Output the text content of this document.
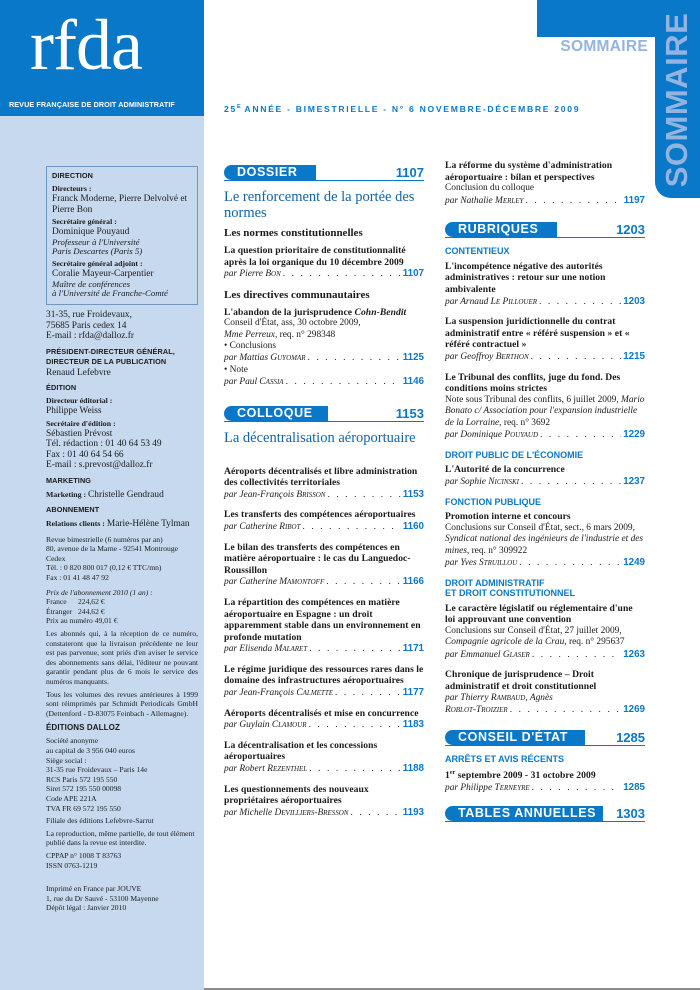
rfda
REVUE FRANÇAISE DE DROIT ADMINISTRATIF
DIRECTION
Directeurs :
Franck Moderne, Pierre Delvolvé et Pierre Bon
Secrétaire général :
Dominique Pouyaud
Professeur à l'Université
Paris Descartes (Paris 5)
Secrétaire général adjoint :
Coralie Mayeur-Carpentier
Maître de conférences
à l'Université de Franche-Comté
31-35, rue Froidevaux,
75685 Paris cedex 14
E-mail : rfda@dalloz.fr
PRÉSIDENT-DIRECTEUR GÉNÉRAL,
DIRECTEUR DE LA PUBLICATION
Renaud Lefebvre
ÉDITION
Directeur éditorial :
Philippe Weiss
Secrétaire d'édition :
Sébastien Prévost
Tél. rédaction : 01 40 64 53 49
Fax : 01 40 64 54 66
E-mail : s.prevost@dalloz.fr
MARKETING
Marketing : Christelle Gendraud
ABONNEMENT
Relations clients : Marie-Hélène Tylman
Revue bimestrielle (6 numéros par an)
80, avenue de la Marne - 92541 Montrouge Cedex
Tél. : 0 820 800 017 (0,12 € TTC/mn)
Fax : 01 41 48 47 92
Prix de l'abonnement 2010 (1 an) :
France	224,62 €
Étranger 244,62 €
Prix au numéro 49,01 €
Les abonnés qui, à la réception de ce numéro, constateront que la livraison précédente ne leur est pas parvenue, sont priés d'en aviser le service des abonnements sans délai, l'éditeur ne pouvant garantir pendant plus de 6 mois le service des numéros manquants.
Tous les volumes des revues antérieures à 1999 sont réimprimés par Schmidt Periodicals GmbH (Dettenford - D-83075 Feinbach - Allemagne).
ÉDITIONS DALLOZ
Société anonyme
au capital de 3 956 040 euros
Siège social :
31-35 rue Froidevaux – Paris 14e
RCS Paris 572 195 550
Siret 572 195 550 00098
Code APE 221A
TVA FR 69 572 195 550
Filiale des éditions Lefebvre-Sarrut
La reproduction, même partielle, de tout élément publié dans la revue est interdite.
CPPAP n° 1008 T 83763
ISSN 0763-1219
Imprimé en France par JOUVE
1, rue du Dr Sauvé - 53100 Mayenne
Dépôt légal : Janvier 2010
SOMMAIRE SOMMAIRE
$25^E$ ANNÉE - BIMESTRIELLE - N° 6 NOVEMBRE-DÉCEMBRE 2009
DOSSIER	1107
Le renforcement de la portée des normes
Les normes constitutionnelles
La question prioritaire de constitutionnalité après la loi organique du 10 décembre 2009
par Pierre Bon . . .	1107
Les directives communautaires
L'abandon de la jurisprudence Cohn-Bendit
Conseil d'État, ass, 30 octobre 2009,
Mme Perreux, req. n° 298348
• Conclusions
par Mattias Guyomar . . .	1125
• Note
par Paul Cassia . . .	1146
COLLOQUE	1153
La décentralisation aéroportuaire
Aéroports décentralisés et libre administration des collectivités territoriales
par Jean-François Brisson . . .	1153
Les transferts des compétences aéroportuaires
par Catherine Ribot . . .	1160
Le bilan des transferts des compétences en matière aéroportuaire : le cas du Languedoc-Roussillon
par Catherine Mamontoff . . .	1166
La répartition des compétences en matière aéroportuaire en Espagne : un droit apparemment stable dans un environnement en profonde mutation
par Elisenda Malaret . . .	1171
Le régime juridique des ressources rares dans le domaine des infrastructures aéroportuaires
par Jean-François Calmette . . .	1177
Aéroports décentralisés et mise en concurrence
par Guylain Clamour . . .	1183
La décentralisation et les concessions aéroportuaires
par Robert Rezenthel . . .	1188
Les questionnements des nouveaux propriétaires aéroportuaires
par Michelle Devilliers-Bresson . . .	1193
La réforme du système d'administration aéroportuaire : bilan et perspectives
Conclusion du colloque
par Nathalie Merley . . .	1197
RUBRIQUES	1203
CONTENTIEUX
L'incompétence négative des autorités administratives : retour sur une notion ambivalente
par Arnaud Le Pillouer . . .	1203
La suspension juridictionnelle du contrat administratif entre « référé suspension » et « référé contractuel »
par Geoffroy Berthon . . .	1215
Le Tribunal des conflits, juge du fond. Des conditions moins strictes
Note sous Tribunal des conflits, 6 juillet 2009, Mario Bonato c/ Association pour l'expansion industrielle de la Lorraine, req. n° 3692
par Dominique Pouyaud . . .	1229
DROIT PUBLIC DE L'ÉCONOMIE
L'Autorité de la concurrence
par Sophie Nicinski . . .	1237
FONCTION PUBLIQUE
Promotion interne et concours
Conclusions sur Conseil d'État, sect., 6 mars 2009, Syndicat national des ingénieurs de l'industrie et des mines, req. n° 309922
par Yves Struillou . . .	1249
DROIT ADMINISTRATIF
ET DROIT CONSTITUTIONNEL
Le caractère législatif ou réglementaire d'une loi approuvant une convention
Conclusions sur Conseil d'État, 27 juillet 2009, Compagnie agricole de la Crau, req. n° 295637
par Emmanuel Glaser . . .	1263
Chronique de jurisprudence – Droit administratif et droit constitutionnel
par Thierry Rambaud, Agnès
Roblot-Troizier . . .	1269
CONSEIL D'ÉTAT	1285
ARRÊTS ET AVIS RÉCENTS
1er septembre 2009 - 31 octobre 2009
par Philippe Terneyre . . .	1285
TABLES ANNUELLES	1303
